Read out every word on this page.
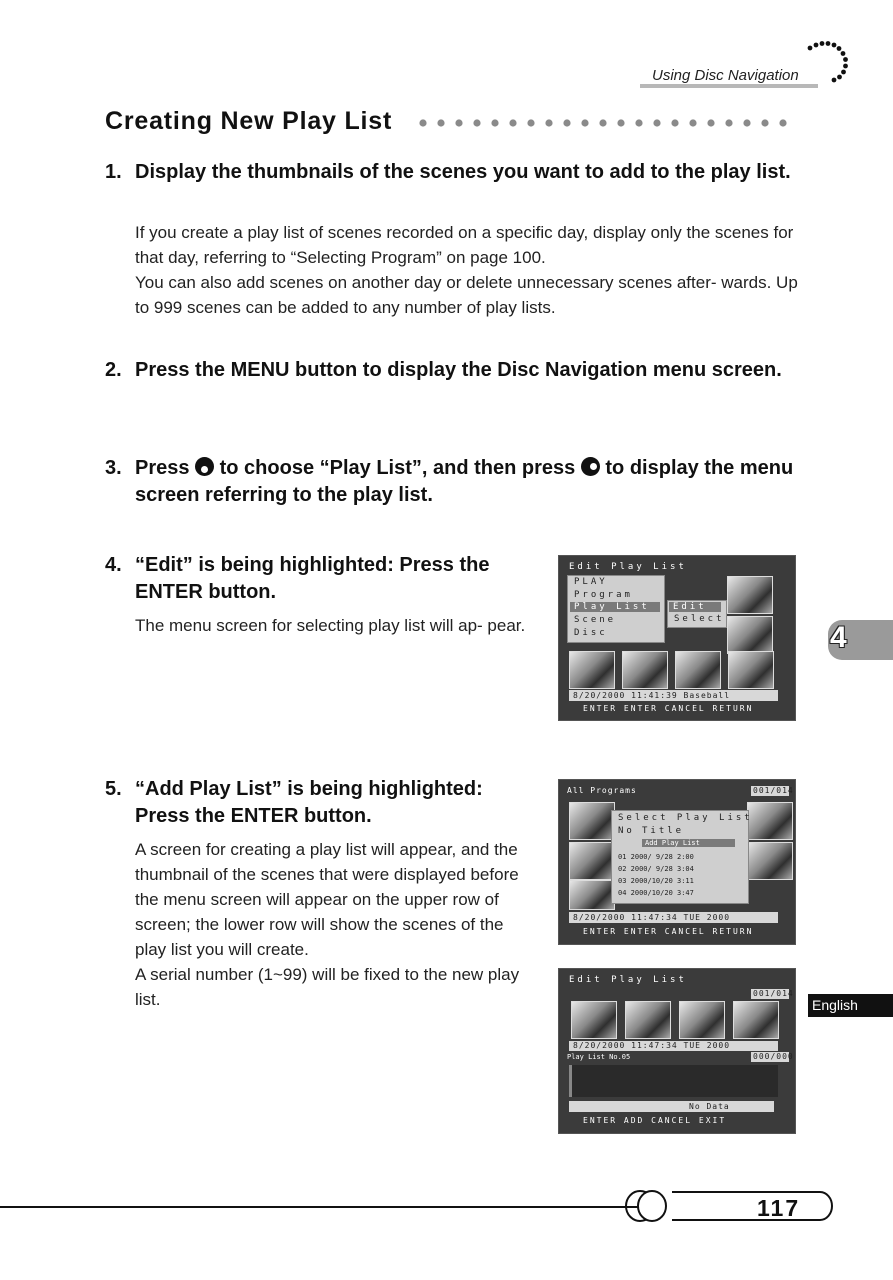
Using Disc Navigation
Creating New Play List
1. Display the thumbnails of the scenes you want to add to the play list.
If you create a play list of scenes recorded on a specific day, display only the scenes for that day, referring to “Selecting Program” on page 100.
You can also add scenes on another day or delete unnecessary scenes after- wards. Up to 999 scenes can be added to any number of play lists.
2. Press the MENU button to display the Disc Navigation menu screen.
3. Press to choose “Play List”, and then press to display the menu screen referring to the play list.
4. “Edit” is being highlighted: Press the ENTER button.
The menu screen for selecting play list will ap- pear.
5. “Add Play List” is being highlighted: Press the ENTER button.
A screen for creating a play list will appear, and the thumbnail of the scenes that were displayed before the menu screen will appear on the upper row of screen; the lower row will show the scenes of the play list you will create.
A serial number (1~99) will be fixed to the new play list.
Edit Play List
PLAY
Program
Play List
Scene
Disc
Edit
Select
8/20/2000 11:41:39 Baseball
ENTER ENTER CANCEL RETURN
All Programs	001/014
Select Play List
No Title
Add Play List
01 2000/ 9/28 2:00
02 2000/ 9/28 3:04
03 2000/10/20 3:11
04 2000/10/20 3:47
8/20/2000 11:47:34 TUE 2000
ENTER ENTER CANCEL RETURN
Edit Play List
001/014
8/20/2000 11:47:34 TUE 2000
Play List No.05	000/000
No Data
ENTER ADD CANCEL EXIT
4
English
117
